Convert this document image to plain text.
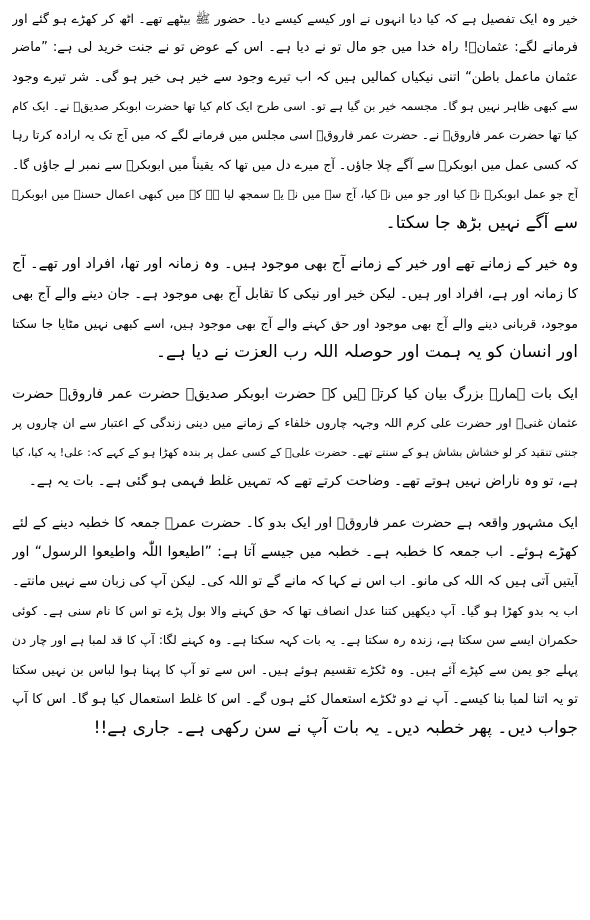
خیر وہ ایک تفصیل ہے کہ کیا دیا انہوں نے اور کیسے کیسے دیا۔ حضور ﷺ بیٹھے تھے۔ اٹھ کر کھڑے ہو گئے اور
فرمانے لگے: عثمانؓ! راہ خدا میں جو مال تو نے دیا ہے۔ اس کے عوض تو نے جنت خرید لی ہے: ”ماضر
عثمان ماعمل باطن“ اتنی نیکیاں کمالیں ہیں کہ اب تیرے وجود سے خیر ہی خیر ہو گی۔ شر تیرے وجود
سے کبھی ظاہر نہیں ہو گا۔ مجسمہ خیر بن گیا ہے تو۔ اسی طرح ایک کام کیا تھا حضرت ابوبکر صدیقؓ نے۔ ایک کام
کیا تھا حضرت عمر فاروقؓ نے۔ حضرت عمر فاروقؓ اسی مجلس میں فرمانے لگے کہ میں آج تک یہ ارادہ کرتا رہا
کہ کسی عمل میں ابوبکرؓ سے آگے چلا جاؤں۔ آج میرے دل میں تھا کہ یقیناً میں ابوبکرؓ سے نمبر لے جاؤں گا۔
آج جو عمل ابوبکرؓ نے کیا اور جو میں نے کیا، آج سے میں نے یہ سمجھ لیا ہے کہ میں کبھی اعمال حسنہ میں ابوبکرؓ
سے آگے نہیں بڑھ جا سکتا۔
وہ خیر کے زمانے تھے اور خیر کے زمانے آج بھی موجود ہیں۔ وہ زمانہ اور تھا، افراد اور تھے۔ آج
کا زمانہ اور ہے، افراد اور ہیں۔ لیکن خیر اور نیکی کا تقابل آج بھی موجود ہے۔ جان دینے والے آج بھی
موجود، قربانی دینے والے آج بھی موجود اور حق کہنے والے آج بھی موجود ہیں، اسے کبھی نہیں مٹایا جا سکتا
اور انسان کو یہ ہمت اور حوصلہ اللہ رب العزت نے دیا ہے۔
ایک بات ہمارے بزرگ بیان کیا کرتے ہیں کہ حضرت ابوبکر صدیقؓ حضرت عمر فاروقؓ حضرت
عثمان غنیؓ اور حضرت علی کرم اللہ وجہہ چاروں خلفاء کے زمانے میں دینی زندگی کے اعتبار سے ان چاروں پر
جنتی تنقید کر لو خشاش بشاش ہو کے سنتے تھے۔ حضرت علیؓ کے کسی عمل پر بندہ کھڑا ہو کے کہے کہ: علی! یہ کیا، کیا
ہے، تو وہ ناراض نہیں ہوتے تھے۔ وضاحت کرتے تھے کہ تمہیں غلط فہمی ہو گئی ہے۔ بات یہ ہے۔
ایک مشہور واقعہ ہے حضرت عمر فاروقؓ اور ایک بدو کا۔ حضرت عمرؓ جمعہ کا خطبہ دینے کے لئے
کھڑے ہوئے۔ اب جمعہ کا خطبہ ہے۔ خطبہ میں جیسے آتا ہے: ”اطیعوا اللّٰہ واطیعوا الرسول“ اور
آیتیں آتی ہیں کہ اللہ کی مانو۔ اب اس نے کہا کہ مانے گے تو اللہ کی۔ لیکن آپ کی زبان سے نہیں مانتے۔
اب یہ بدو کھڑا ہو گیا۔ آپ دیکھیں کتنا عدل انصاف تھا کہ حق کہنے والا بول پڑے تو اس کا نام سنی ہے۔ کوئی
حکمران ایسے سن سکتا ہے، زندہ رہ سکتا ہے۔ یہ بات کہہ سکتا ہے۔ وہ کہنے لگا: آپ کا قد لمبا ہے اور چار دن
پہلے جو یمن سے کپڑے آئے ہیں۔ وہ ٹکڑے تقسیم ہوئے ہیں۔ اس سے تو آپ کا پہنا ہوا لباس بن نہیں سکتا
تو یہ اتنا لمبا بنا کیسے۔ آپ نے دو ٹکڑے استعمال کئے ہوں گے۔ اس کا غلط استعمال کیا ہو گا۔ اس کا آپ
جواب دیں۔ پھر خطبہ دیں۔ یہ بات آپ نے سن رکھی ہے۔ جاری ہے!!
